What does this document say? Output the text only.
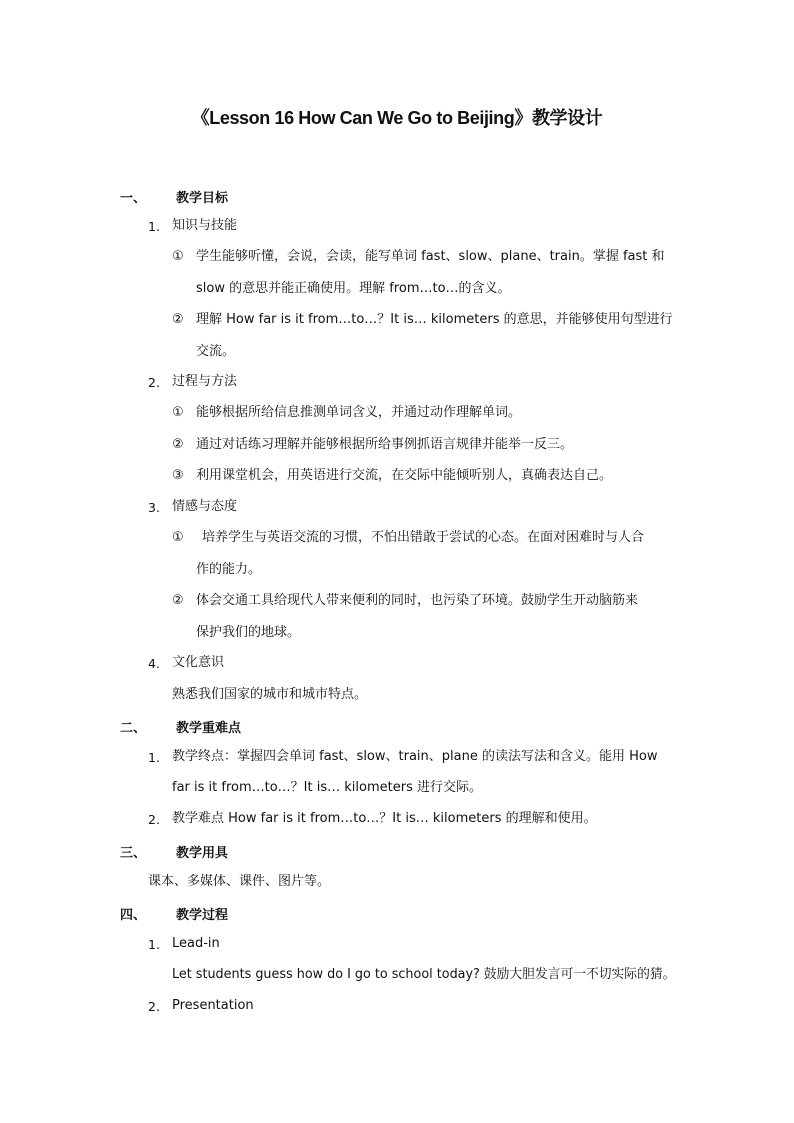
《Lesson 16 How Can We Go to Beijing》教学设计
一、 教学目标
1. 知识与技能
① 学生能够听懂，会说，会读，能写单词 fast、slow、plane、train。掌握 fast 和
slow 的意思并能正确使用。理解 from…to…的含义。
② 理解 How far is it from…to…？It is… kilometers 的意思，并能够使用句型进行
交流。
2. 过程与方法
① 能够根据所给信息推测单词含义，并通过动作理解单词。
② 通过对话练习理解并能够根据所给事例抓语言规律并能举一反三。
③ 利用课堂机会，用英语进行交流，在交际中能倾听别人，真确表达自己。
3. 情感与态度
① 培养学生与英语交流的习惯，不怕出错敢于尝试的心态。在面对困难时与人合
作的能力。
② 体会交通工具给现代人带来便利的同时，也污染了环境。鼓励学生开动脑筋来
保护我们的地球。
4. 文化意识
熟悉我们国家的城市和城市特点。
二、 教学重难点
1. 教学终点：掌握四会单词 fast、slow、train、plane 的读法写法和含义。能用 How
far is it from…to…？It is… kilometers 进行交际。
2. 教学难点 How far is it from…to…？It is… kilometers 的理解和使用。
三、 教学用具
课本、多媒体、课件、图片等。
四、 教学过程
1. Lead-in
Let students guess how do I go to school today? 鼓励大胆发言可一不切实际的猜。
2. Presentation
